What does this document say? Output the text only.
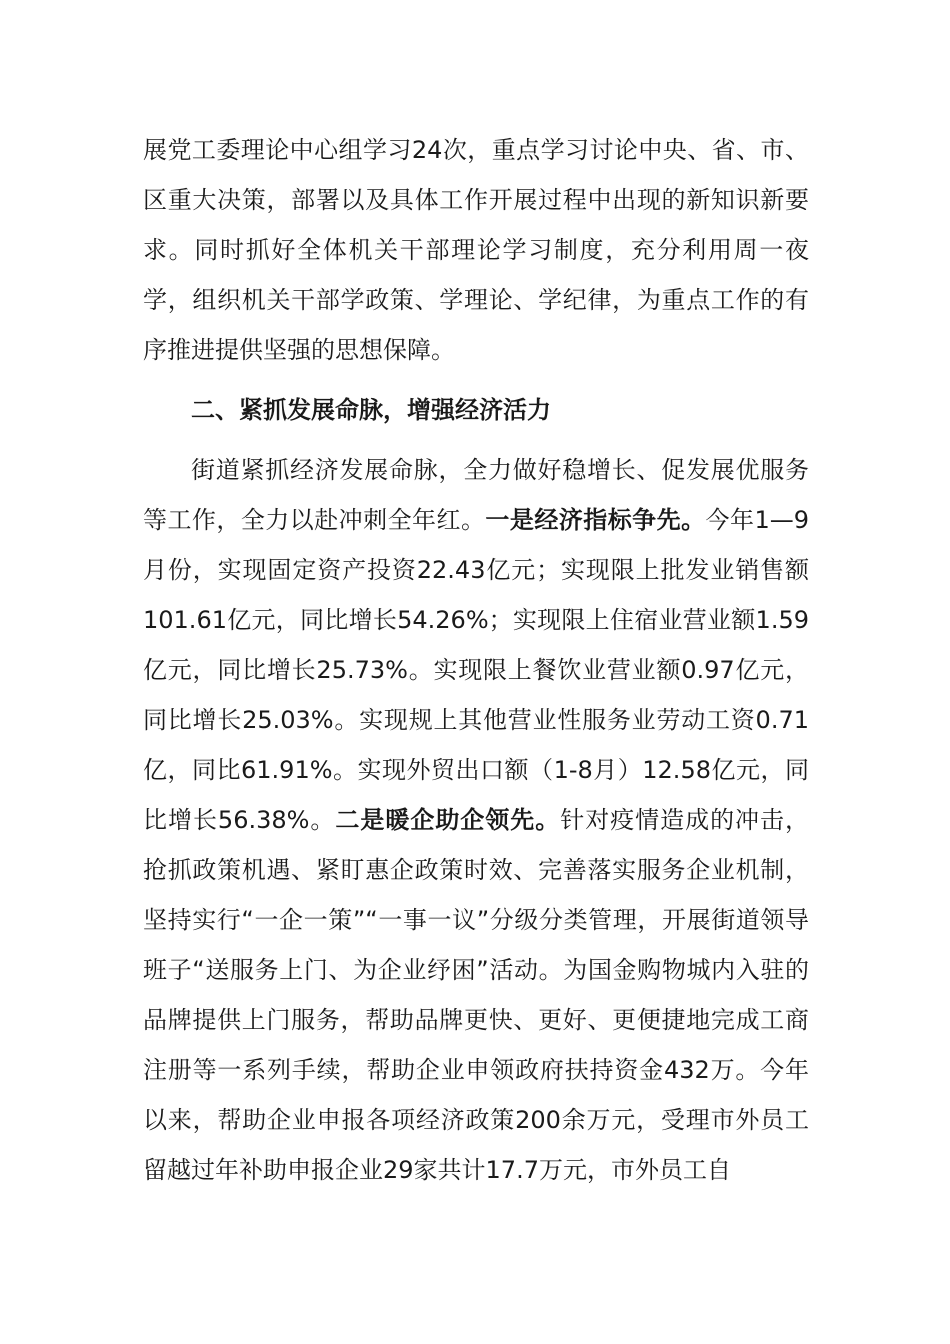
展党工委理论中心组学习24次，重点学习讨论中央、省、市、区重大决策，部署以及具体工作开展过程中出现的新知识新要求。同时抓好全体机关干部理论学习制度，充分利用周一夜学，组织机关干部学政策、学理论、学纪律，为重点工作的有序推进提供坚强的思想保障。

二、紧抓发展命脉，增强经济活力

街道紧抓经济发展命脉，全力做好稳增长、促发展优服务等工作，全力以赴冲刺全年红。一是经济指标争先。今年1—9月份，实现固定资产投资22.43亿元；实现限上批发业销售额101.61亿元，同比增长54.26%；实现限上住宿业营业额1.59亿元，同比增长25.73%。实现限上餐饮业营业额0.97亿元，同比增长25.03%。实现规上其他营业性服务业劳动工资0.71亿，同比61.91%。实现外贸出口额（1-8月）12.58亿元，同比增长56.38%。二是暖企助企领先。针对疫情造成的冲击，抢抓政策机遇、紧盯惠企政策时效、完善落实服务企业机制，坚持实行“一企一策”“一事一议”分级分类管理，开展街道领导班子“送服务上门、为企业纾困”活动。为国金购物城内入驻的品牌提供上门服务，帮助品牌更快、更好、更便捷地完成工商注册等一系列手续，帮助企业申领政府扶持资金432万。今年以来，帮助企业申报各项经济政策200余万元，受理市外员工留越过年补助申报企业29家共计17.7万元，市外员工自
